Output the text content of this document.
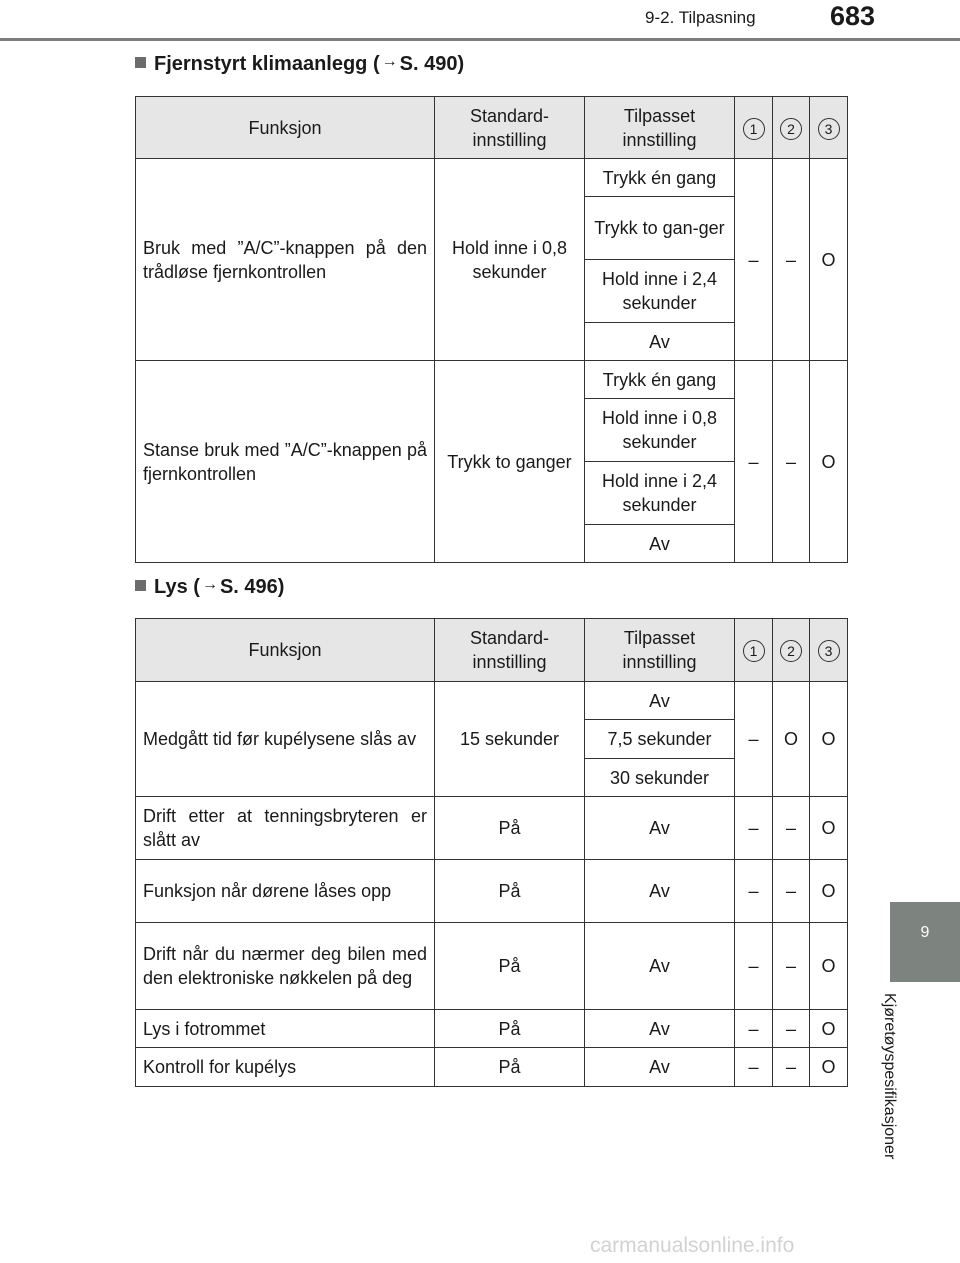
9-2. Tilpasning	683
9
Kjøretøyspesifikasjoner
Fjernstyrt klimaanlegg ( → S. 490)
Funksjon	Standard-innstilling	Tilpasset innstilling	1	2	3
Bruk med ”A/C”-knappen på den trådløse fjernkontrollen	Hold inne i 0,8 sekunder	Trykk én gang	–	–	O
		Trykk to gan-ger			
		Hold inne i 2,4 sekunder			
		Av			
Stanse bruk med ”A/C”-knappen på fjernkontrollen	Trykk to ganger	Trykk én gang	–	–	O
		Hold inne i 0,8 sekunder			
		Hold inne i 2,4 sekunder			
		Av			
Lys ( → S. 496)
Funksjon	Standard-innstilling	Tilpasset innstilling	1	2	3
Medgått tid før kupélysene slås av	15 sekunder	Av	–	O	O
		7,5 sekunder			
		30 sekunder			
Drift etter at tenningsbryteren er slått av	På	Av	–	–	O
Funksjon når dørene låses opp	På	Av	–	–	O
Drift når du nærmer deg bilen med den elektroniske nøkkelen på deg	På	Av	–	–	O
Lys i fotrommet	På	Av	–	–	O
Kontroll for kupélys	På	Av	–	–	O
carmanualsonline.info
